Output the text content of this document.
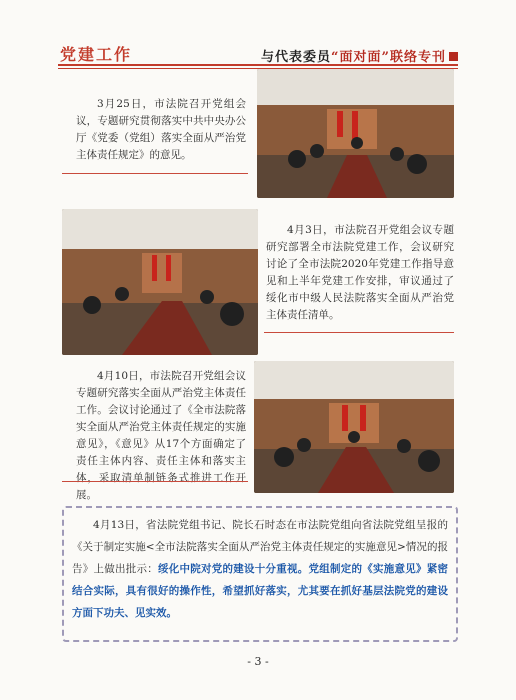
党建工作	与代表委员“面对面”联络专刊
3月25日，市法院召开党组会议，专题研究贯彻落实中共中央办公厅《党委（党组）落实全面从严治党主体责任规定》的意见。
4月3日，市法院召开党组会议专题研究部署全市法院党建工作，会议研究讨论了全市法院2020年党建工作指导意见和上半年党建工作安排，审议通过了绥化市中级人民法院落实全面从严治党主体责任清单。
4月10日，市法院召开党组会议专题研究落实全面从严治党主体责任工作。会议讨论通过了《全市法院落实全面从严治党主体责任规定的实施意见》，《意见》从17个方面确定了责任主体内容、责任主体和落实主体，采取清单制链条式推进工作开展。
4月13日，省法院党组书记、院长石时态在市法院党组向省法院党组呈报的《关于制定实施<全市法院落实全面从严治党主体责任规定的实施意见>情况的报告》上做出批示：绥化中院对党的建设十分重视。党组制定的《实施意见》紧密结合实际，具有很好的操作性，希望抓好落实，尤其要在抓好基层法院党的建设方面下功夫、见实效。
- 3 -
